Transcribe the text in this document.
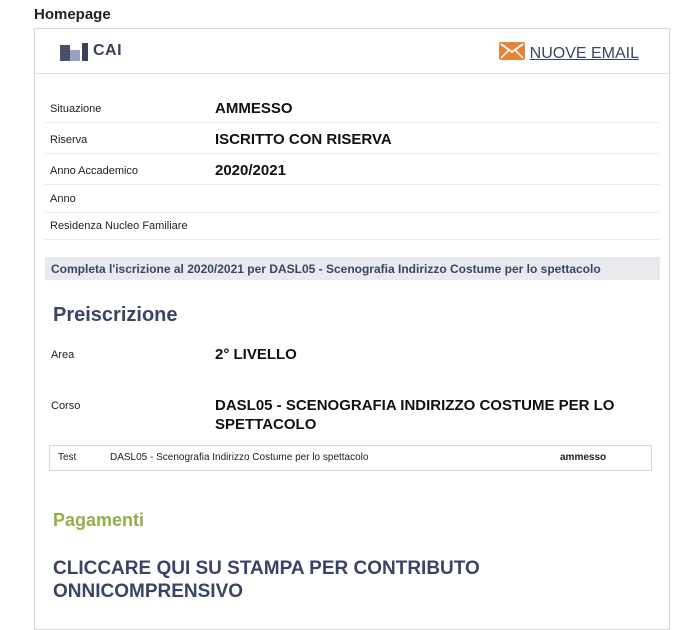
Homepage
CAI	NUOVE EMAIL
Situazione	AMMESSO
Riserva	ISCRITTO CON RISERVA
Anno Accademico	2020/2021
Anno
Residenza Nucleo Familiare
Completa l'iscrizione al 2020/2021 per DASL05 - Scenografia Indirizzo Costume per lo spettacolo
Preiscrizione
Area	2° LIVELLO
Corso	DASL05 - SCENOGRAFIA INDIRIZZO COSTUME PER LO SPETTACOLO
Test	DASL05 - Scenografia Indirizzo Costume per lo spettacolo	ammesso
Pagamenti
CLICCARE QUI SU STAMPA PER CONTRIBUTO ONNICOMPRENSIVO
